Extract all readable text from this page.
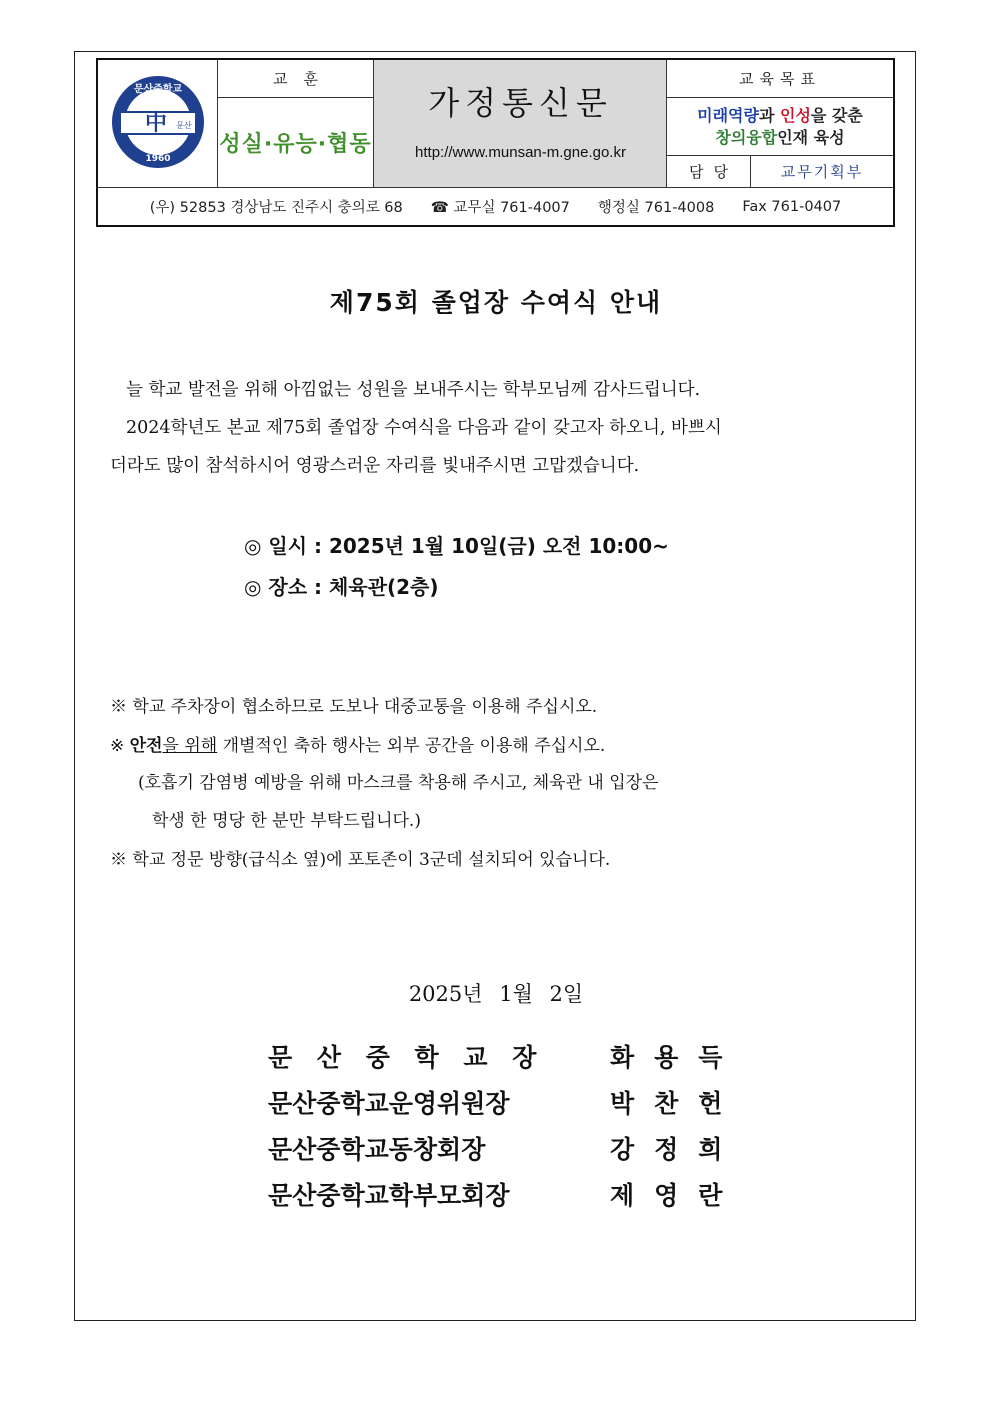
中 문산
문산중학교
1960
교훈
성실·유능·협동
가정통신문
http://www.munsan-m.gne.go.kr
교육목표
미래역량과 인성을 갖춘
창의융합인재 육성
담당	교무기획부
(우) 52853 경상남도 진주시 충의로 68 ☎ 교무실 761-4007 행정실 761-4008 Fax 761-0407
제75회 졸업장 수여식 안내
늘 학교 발전을 위해 아낌없는 성원을 보내주시는 학부모님께 감사드립니다.
2024학년도 본교 제75회 졸업장 수여식을 다음과 같이 갖고자 하오니, 바쁘시
더라도 많이 참석하시어 영광스러운 자리를 빛내주시면 고맙겠습니다.
◎ 일시 : 2025년 1월 10일(금) 오전 10:00~
◎ 장소 : 체육관(2층)
※ 학교 주차장이 협소하므로 도보나 대중교통을 이용해 주십시오.
※ 안전을 위해 개별적인 축하 행사는 외부 공간을 이용해 주십시오.
(호흡기 감염병 예방을 위해 마스크를 착용해 주시고, 체육관 내 입장은
학생 한 명당 한 분만 부탁드립니다.)
※ 학교 정문 방향(급식소 옆)에 포토존이 3군데 설치되어 있습니다.
2025년 1월 2일
문 산 중 학 교 장	화용득
문산중학교운영위원장	박찬헌
문산중학교동창회장	강정희
문산중학교학부모회장	제영란
